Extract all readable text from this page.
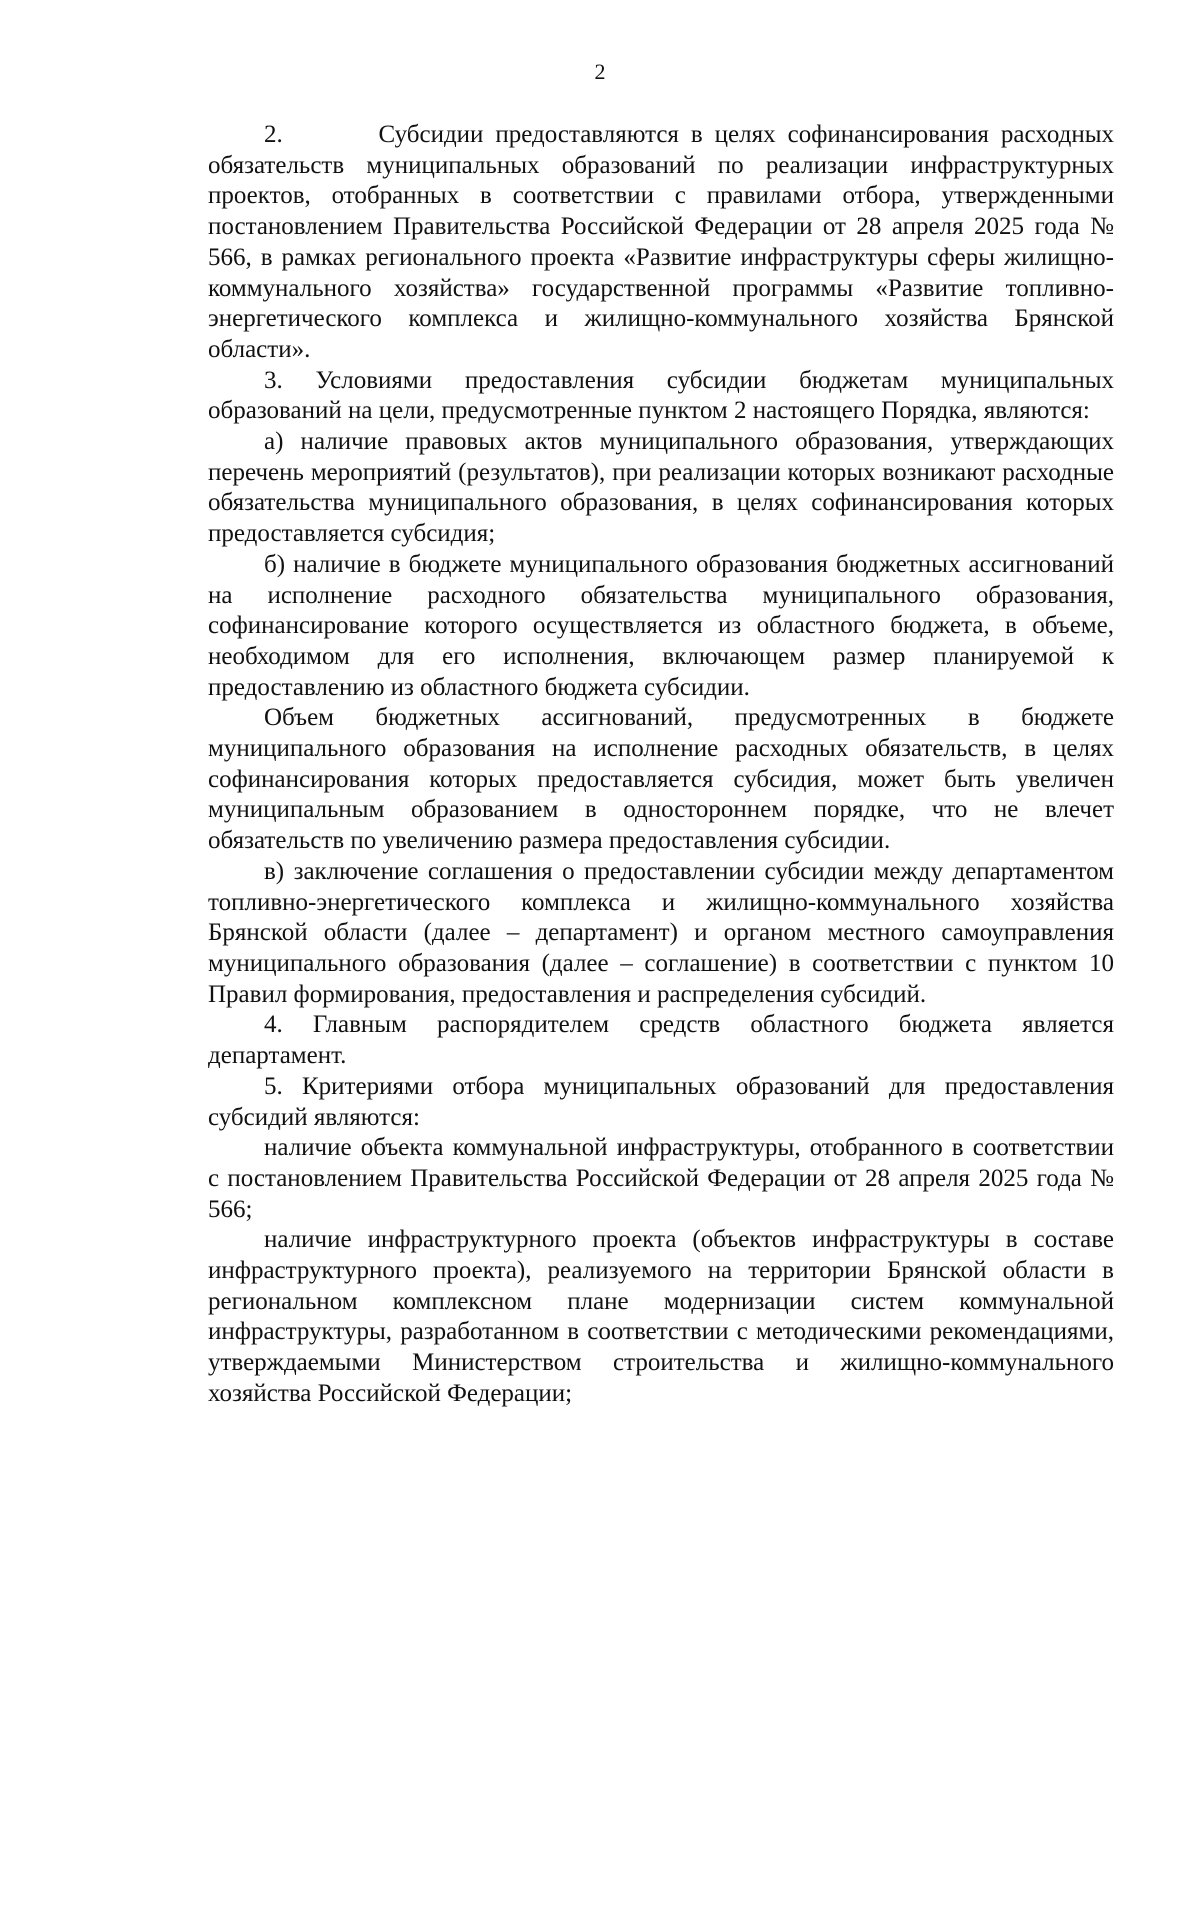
2

2.        Субсидии предоставляются в целях софинансирования расходных обязательств муниципальных образований по реализации инфраструктурных проектов, отобранных в соответствии с правилами отбора, утвержденными постановлением Правительства Российской Федерации от 28 апреля 2025 года № 566, в рамках регионального проекта «Развитие инфраструктуры сферы жилищно-коммунального хозяйства» государственной программы «Развитие топливно-энергетического комплекса и жилищно-коммунального хозяйства Брянской области».

3. Условиями предоставления субсидии бюджетам муниципальных образований на цели, предусмотренные пунктом 2 настоящего Порядка, являются:

а) наличие правовых актов муниципального образования, утверждающих перечень мероприятий (результатов), при реализации которых возникают расходные обязательства муниципального образования, в целях софинансирования которых предоставляется субсидия;

б) наличие в бюджете муниципального образования бюджетных ассигнований на исполнение расходного обязательства муниципального образования, софинансирование которого осуществляется из областного бюджета, в объеме, необходимом для его исполнения, включающем размер планируемой к предоставлению из областного бюджета субсидии.

Объем бюджетных ассигнований, предусмотренных в бюджете муниципального образования на исполнение расходных обязательств, в целях софинансирования которых предоставляется субсидия, может быть увеличен муниципальным образованием в одностороннем порядке, что не влечет обязательств по увеличению размера предоставления субсидии.

в) заключение соглашения о предоставлении субсидии между департаментом топливно-энергетического комплекса и жилищно-коммунального хозяйства Брянской области (далее – департамент) и органом местного самоуправления муниципального образования (далее – соглашение) в соответствии с пунктом 10 Правил формирования, предоставления и распределения субсидий.

4. Главным распорядителем средств областного бюджета является департамент.

5. Критериями отбора муниципальных образований для предоставления субсидий являются:

наличие объекта коммунальной инфраструктуры, отобранного в соответствии с постановлением Правительства Российской Федерации от 28 апреля 2025 года № 566;

наличие инфраструктурного проекта (объектов инфраструктуры в составе инфраструктурного проекта), реализуемого на территории Брянской области в региональном комплексном плане модернизации систем коммунальной инфраструктуры, разработанном в соответствии с методическими рекомендациями, утверждаемыми Министерством строительства и жилищно-коммунального хозяйства Российской Федерации;
